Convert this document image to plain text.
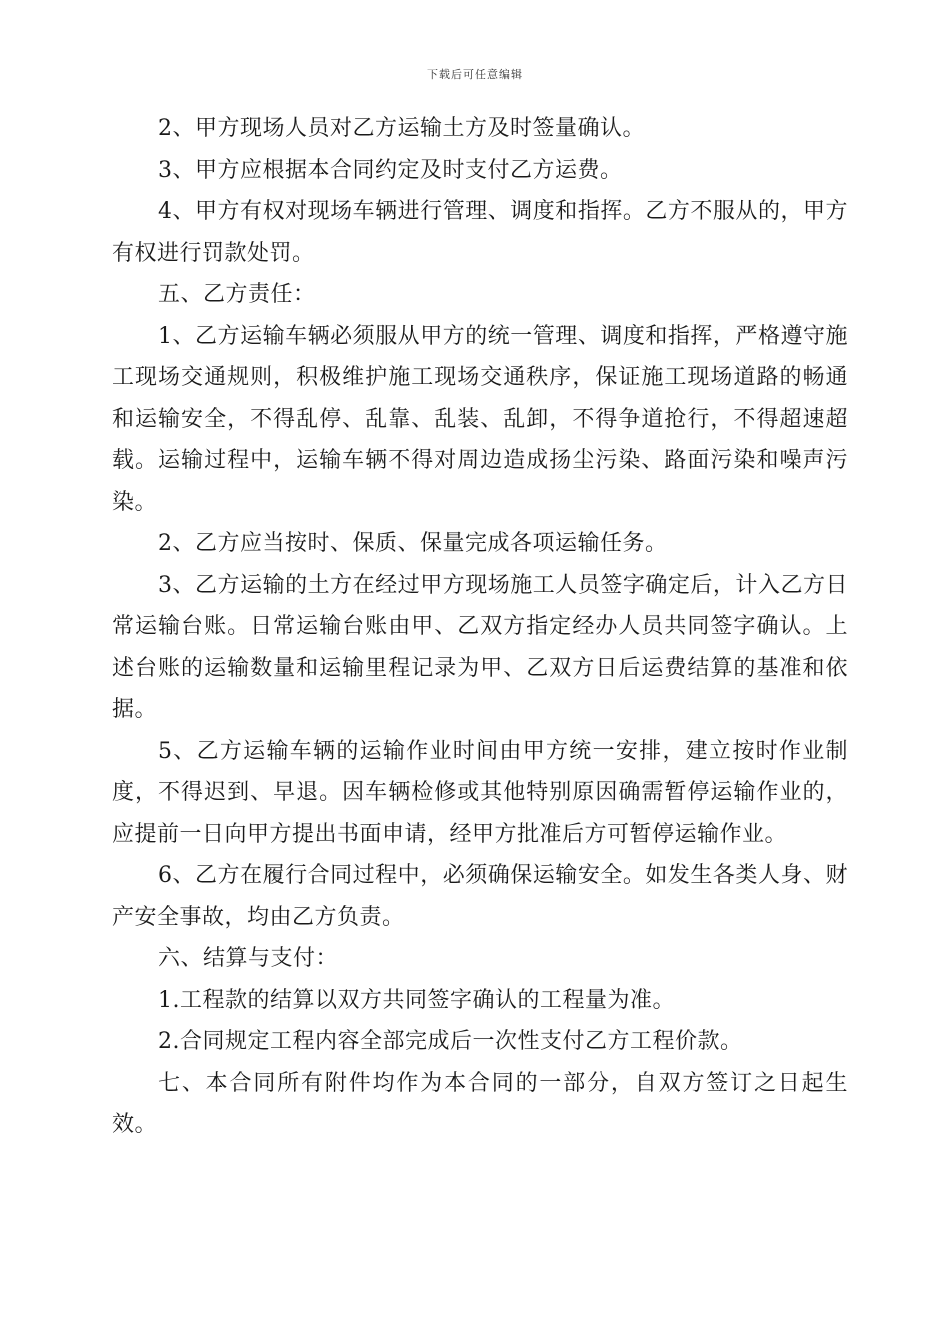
下载后可任意编辑

2、甲方现场人员对乙方运输土方及时签量确认。

3、甲方应根据本合同约定及时支付乙方运费。

4、甲方有权对现场车辆进行管理、调度和指挥。乙方不服从的，甲方有权进行罚款处罚。

五、乙方责任：

1、乙方运输车辆必须服从甲方的统一管理、调度和指挥，严格遵守施工现场交通规则，积极维护施工现场交通秩序，保证施工现场道路的畅通和运输安全，不得乱停、乱靠、乱装、乱卸，不得争道抢行，不得超速超载。运输过程中，运输车辆不得对周边造成扬尘污染、路面污染和噪声污染。

2、乙方应当按时、保质、保量完成各项运输任务。

3、乙方运输的土方在经过甲方现场施工人员签字确定后，计入乙方日常运输台账。日常运输台账由甲、乙双方指定经办人员共同签字确认。上述台账的运输数量和运输里程记录为甲、乙双方日后运费结算的基准和依据。

5、乙方运输车辆的运输作业时间由甲方统一安排，建立按时作业制度，不得迟到、早退。因车辆检修或其他特别原因确需暂停运输作业的，应提前一日向甲方提出书面申请，经甲方批准后方可暂停运输作业。

6、乙方在履行合同过程中，必须确保运输安全。如发生各类人身、财产安全事故，均由乙方负责。

六、结算与支付：

1.工程款的结算以双方共同签字确认的工程量为准。

2.合同规定工程内容全部完成后一次性支付乙方工程价款。

七、本合同所有附件均作为本合同的一部分，自双方签订之日起生效。
